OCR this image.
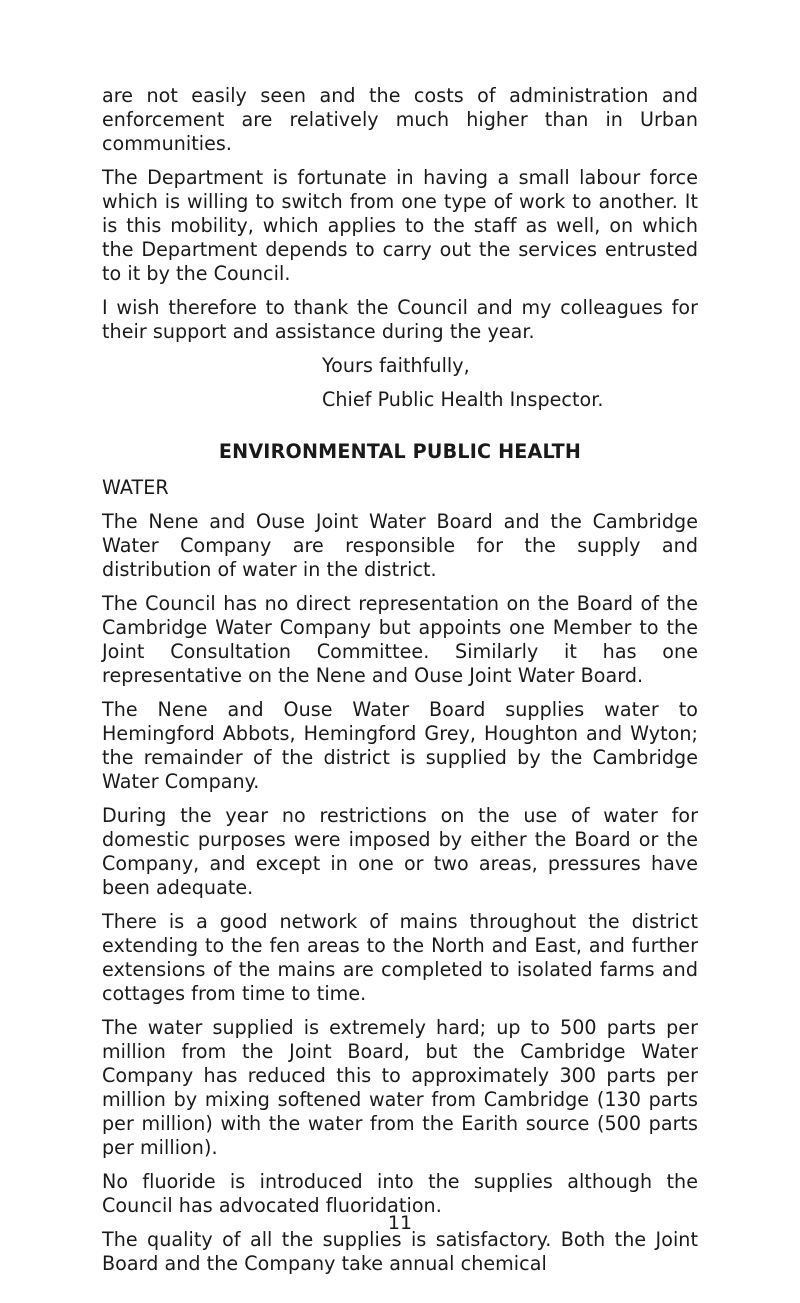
are not easily seen and the costs of administration and enforcement are relatively much higher than in Urban communities.

The Department is fortunate in having a small labour force which is willing to switch from one type of work to another. It is this mobility, which applies to the staff as well, on which the Department depends to carry out the services entrusted to it by the Council.

I wish therefore to thank the Council and my colleagues for their support and assistance during the year.

Yours faithfully,
Chief Public Health Inspector.
ENVIRONMENTAL PUBLIC HEALTH
WATER

The Nene and Ouse Joint Water Board and the Cambridge Water Company are responsible for the supply and distribution of water in the district.

The Council has no direct representation on the Board of the Cambridge Water Company but appoints one Member to the Joint Consultation Committee. Similarly it has one representative on the Nene and Ouse Joint Water Board.

The Nene and Ouse Water Board supplies water to Hemingford Abbots, Hemingford Grey, Houghton and Wyton; the remainder of the district is supplied by the Cambridge Water Company.

During the year no restrictions on the use of water for domestic purposes were imposed by either the Board or the Company, and except in one or two areas, pressures have been adequate.

There is a good network of mains throughout the district extending to the fen areas to the North and East, and further extensions of the mains are completed to isolated farms and cottages from time to time.

The water supplied is extremely hard; up to 500 parts per million from the Joint Board, but the Cambridge Water Company has reduced this to approximately 300 parts per million by mixing softened water from Cambridge (130 parts per million) with the water from the Earith source (500 parts per million).

No fluoride is introduced into the supplies although the Council has advocated fluoridation.

The quality of all the supplies is satisfactory. Both the Joint Board and the Company take annual chemical

11
